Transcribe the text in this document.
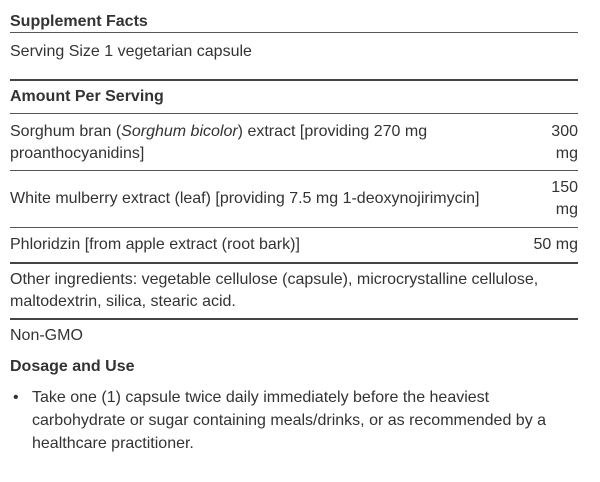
Supplement Facts
Serving Size 1 vegetarian capsule
Amount Per Serving
Sorghum bran (Sorghum bicolor) extract [providing 270 mg proanthocyanidins]
300
mg
White mulberry extract (leaf) [providing 7.5 mg 1-deoxynojirimycin]
150
mg
Phloridzin [from apple extract (root bark)]	50 mg
Other ingredients: vegetable cellulose (capsule), microcrystalline cellulose, maltodextrin, silica, stearic acid.
Non-GMO
Dosage and Use
• Take one (1) capsule twice daily immediately before the heaviest carbohydrate or sugar containing meals/drinks, or as recommended by a healthcare practitioner.
